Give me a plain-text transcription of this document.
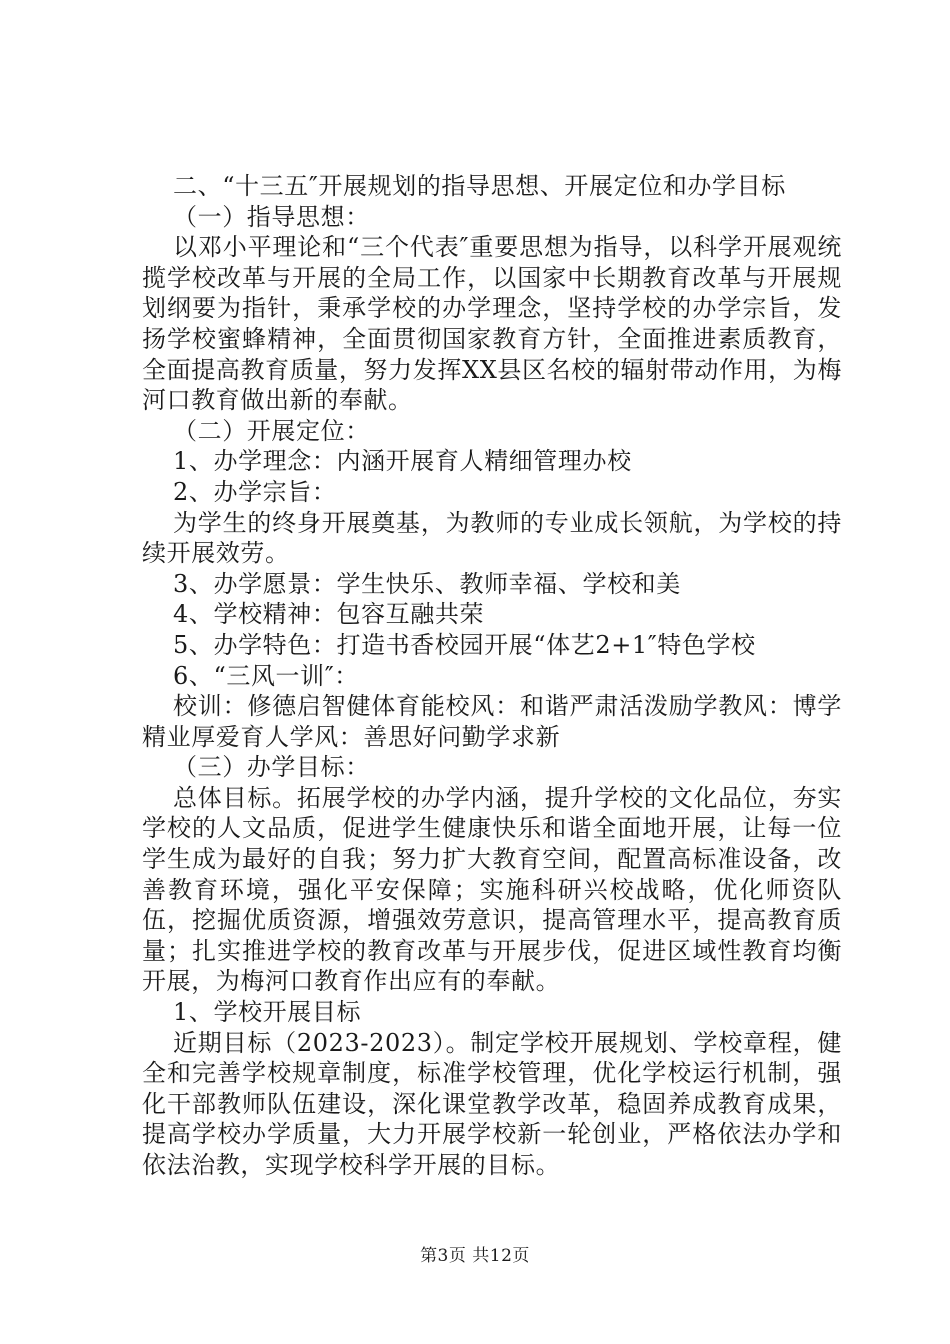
二、“十三五″开展规划的指导思想、开展定位和办学目标

（一）指导思想：

以邓小平理论和“三个代表″重要思想为指导，以科学开展观统揽学校改革与开展的全局工作，以国家中长期教育改革与开展规划纲要为指针，秉承学校的办学理念，坚持学校的办学宗旨，发扬学校蜜蜂精神，全面贯彻国家教育方针，全面推进素质教育，全面提高教育质量，努力发挥XX县区名校的辐射带动作用，为梅河口教育做出新的奉献。

（二）开展定位：

1、办学理念：内涵开展育人精细管理办校

2、办学宗旨：

为学生的终身开展奠基，为教师的专业成长领航，为学校的持续开展效劳。

3、办学愿景：学生快乐、教师幸福、学校和美

4、学校精神：包容互融共荣

5、办学特色：打造书香校园开展“体艺2+1″特色学校

6、“三风一训″：

校训：修德启智健体育能校风：和谐严肃活泼励学教风：博学精业厚爱育人学风：善思好问勤学求新

（三）办学目标：

总体目标。拓展学校的办学内涵，提升学校的文化品位，夯实学校的人文品质，促进学生健康快乐和谐全面地开展，让每一位学生成为最好的自我；努力扩大教育空间，配置高标准设备，改善教育环境，强化平安保障；实施科研兴校战略，优化师资队伍，挖掘优质资源，增强效劳意识，提高管理水平，提高教育质量；扎实推进学校的教育改革与开展步伐，促进区域性教育均衡开展，为梅河口教育作出应有的奉献。

1、学校开展目标

近期目标（2023-2023）。制定学校开展规划、学校章程，健全和完善学校规章制度，标准学校管理，优化学校运行机制，强化干部教师队伍建设，深化课堂教学改革，稳固养成教育成果，提高学校办学质量，大力开展学校新一轮创业，严格依法办学和依法治教，实现学校科学开展的目标。

第3页 共12页
